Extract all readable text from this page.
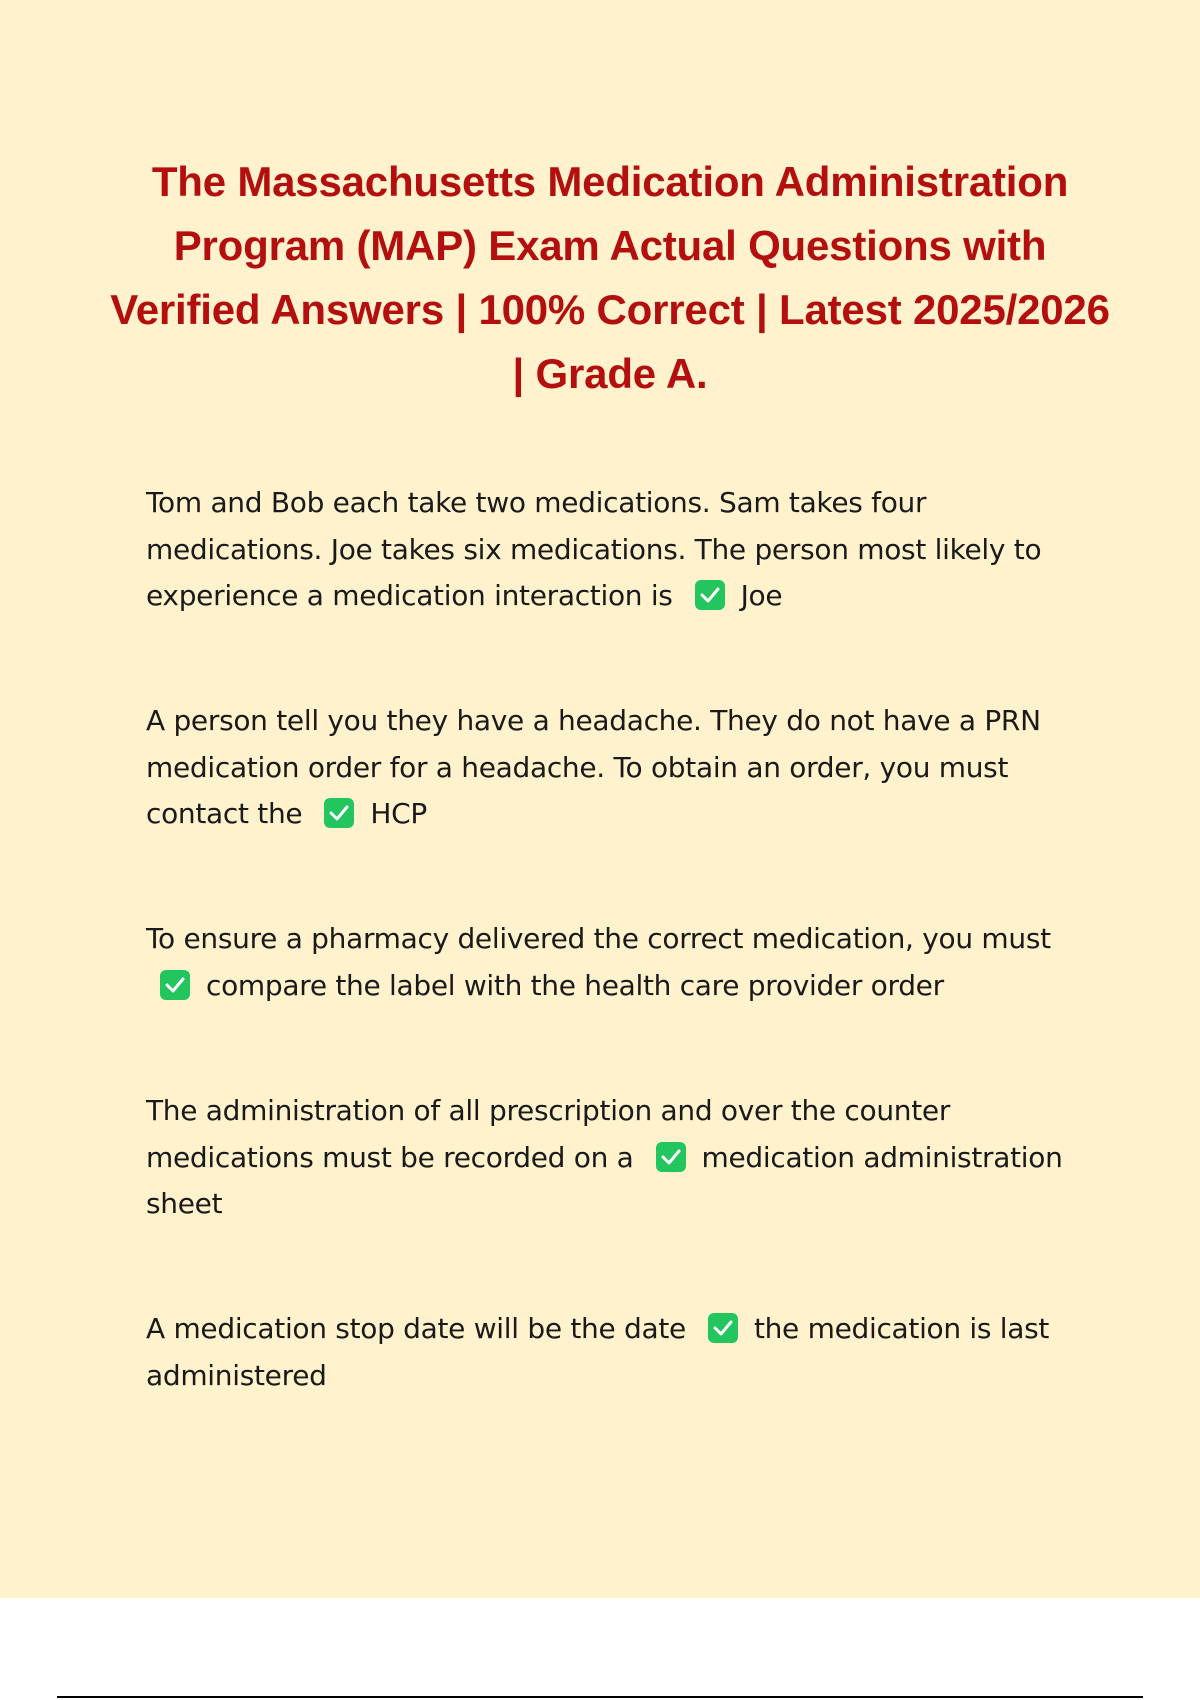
The Massachusetts Medication Administration Program (MAP) Exam Actual Questions with Verified Answers | 100% Correct | Latest 2025/2026 | Grade A.

Tom and Bob each take two medications. Sam takes four medications. Joe takes six medications. The person most likely to experience a medication interaction is Joe

A person tell you they have a headache. They do not have a PRN medication order for a headache. To obtain an order, you must contact the HCP

To ensure a pharmacy delivered the correct medication, you must

compare the label with the health care provider order

The administration of all prescription and over the counter medications must be recorded on a medication administration sheet

A medication stop date will be the date the medication is last administered
